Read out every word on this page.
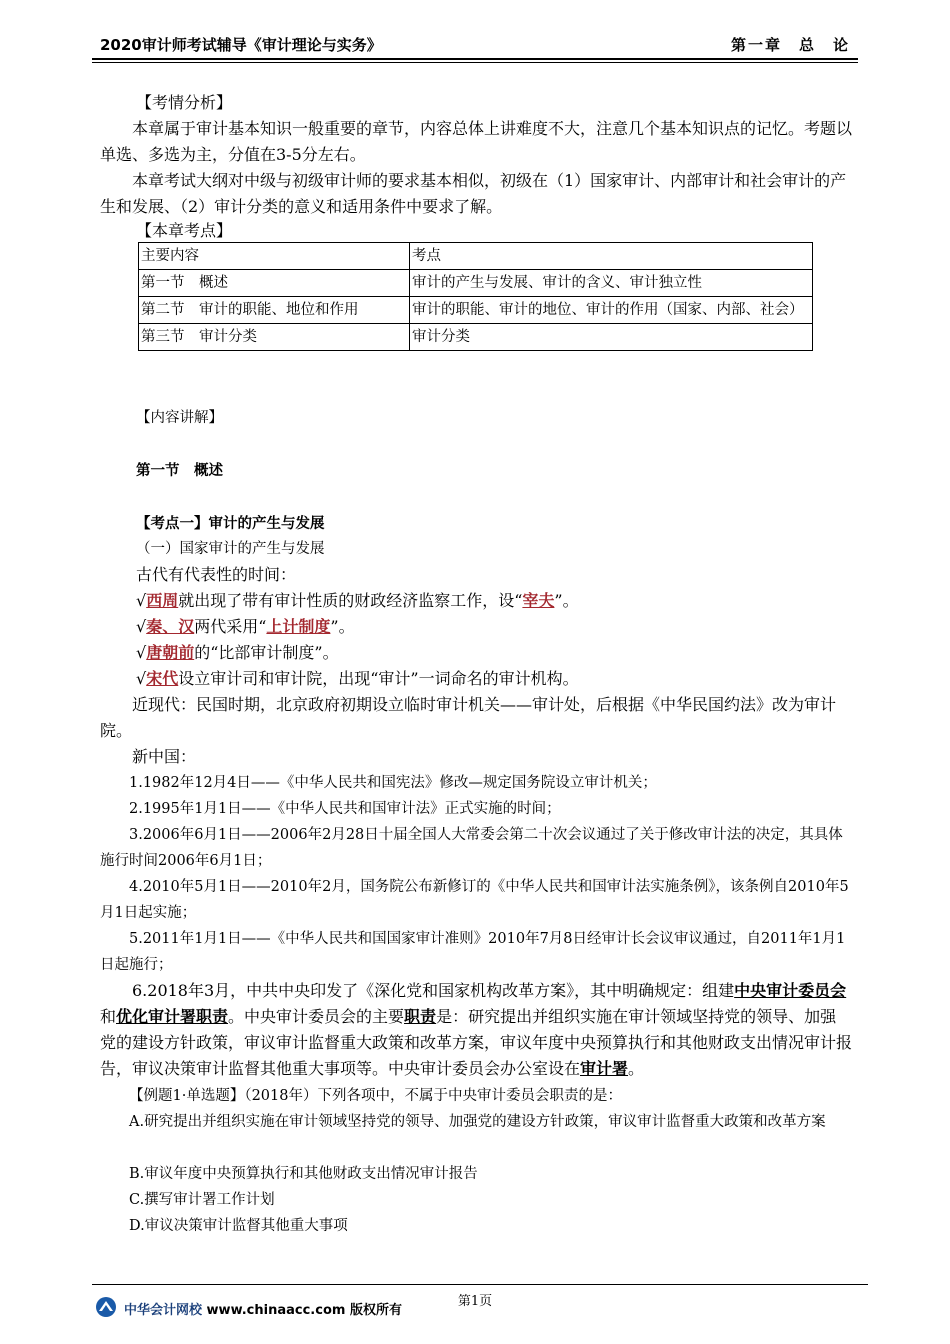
2020审计师考试辅导《审计理论与实务》	第一章　总　论
【考情分析】
本章属于审计基本知识一般重要的章节，内容总体上讲难度不大，注意几个基本知识点的记忆。考题以单选、多选为主，分值在3-5分左右。
本章考试大纲对中级与初级审计师的要求基本相似，初级在（1）国家审计、内部审计和社会审计的产生和发展、（2）审计分类的意义和适用条件中要求了解。
【本章考点】
主要内容	考点
第一节　概述	审计的产生与发展、审计的含义、审计独立性
第二节　审计的职能、地位和作用	审计的职能、审计的地位、审计的作用（国家、内部、社会）
第三节　审计分类	审计分类
【内容讲解】
第一节　概述
【考点一】审计的产生与发展
（一）国家审计的产生与发展
古代有代表性的时间：
√西周就出现了带有审计性质的财政经济监察工作，设“宰夫”。
√秦、汉两代采用“上计制度”。
√唐朝前的“比部审计制度”。
√宋代设立审计司和审计院，出现“审计”一词命名的审计机构。
近现代：民国时期，北京政府初期设立临时审计机关——审计处，后根据《中华民国约法》改为审计院。
新中国：
1.1982年12月4日——《中华人民共和国宪法》修改—规定国务院设立审计机关；
2.1995年1月1日——《中华人民共和国审计法》正式实施的时间；
3.2006年6月1日——2006年2月28日十届全国人大常委会第二十次会议通过了关于修改审计法的决定，其具体施行时间2006年6月1日；
4.2010年5月1日——2010年2月，国务院公布新修订的《中华人民共和国审计法实施条例》，该条例自2010年5月1日起实施；
5.2011年1月1日——《中华人民共和国国家审计准则》2010年7月8日经审计长会议审议通过，自2011年1月1日起施行；
6.2018年3月，中共中央印发了《深化党和国家机构改革方案》，其中明确规定：组建中央审计委员会和优化审计署职责。中央审计委员会的主要职责是：研究提出并组织实施在审计领域坚持党的领导、加强党的建设方针政策，审议审计监督重大政策和改革方案，审议年度中央预算执行和其他财政支出情况审计报告，审议决策审计监督其他重大事项等。中央审计委员会办公室设在审计署。
【例题1·单选题】（2018年）下列各项中，不属于中央审计委员会职责的是：
A.研究提出并组织实施在审计领域坚持党的领导、加强党的建设方针政策，审议审计监督重大政策和改革方案
B.审议年度中央预算执行和其他财政支出情况审计报告
C.撰写审计署工作计划
D.审议决策审计监督其他重大事项
第1页
中华会计网校 www.chinaacc.com 版权所有
